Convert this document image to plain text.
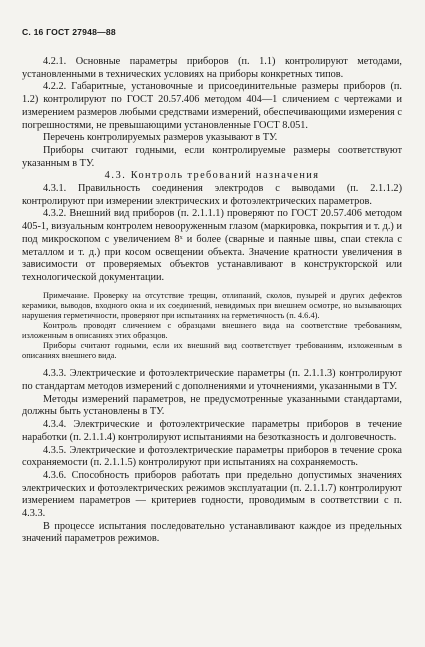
С. 16 ГОСТ 27948—88

4.2.1. Основные параметры приборов (п. 1.1) контролируют методами, установленными в технических условиях на приборы конкретных типов.

4.2.2. Габаритные, установочные и присоединительные размеры приборов (п. 1.2) контролируют по ГОСТ 20.57.406 методом 404—1 сличением с чертежами и измерением размеров любыми средствами измерений, обеспечивающими измерения с погрешностями, не превышающими установленные ГОСТ 8.051.

Перечень контролируемых размеров указывают в ТУ.

Приборы считают годными, если контролируемые размеры соответствуют указанным в ТУ.

4.3. Контроль требований назначения

4.3.1. Правильность соединения электродов с выводами (п. 2.1.1.2) контролируют при измерении электрических и фотоэлектрических параметров.

4.3.2. Внешний вид приборов (п. 2.1.1.1) проверяют по ГОСТ 20.57.406 методом 405-1, визуальным контролем невооруженным глазом (маркировка, покрытия и т. д.) и под микроскопом с увеличением 8ˣ и более (сварные и паяные швы, спаи стекла с металлом и т. д.) при косом освещении объекта. Значение кратности увеличения в зависимости от проверяемых объектов устанавливают в конструкторской или технологической документации.

Примечание. Проверку на отсутствие трещин, отлипаний, сколов, пузырей и других дефектов керамики, выводов, входного окна и их соединений, невидимых при внешнем осмотре, но вызывающих нарушения герметичности, проверяют при испытаниях на герметичность (п. 4.6.4).

Контроль проводят сличением с образцами внешнего вида на соответствие требованиям, изложенным в описаниях этих образцов.

Приборы считают годными, если их внешний вид соответствует требованиям, изложенным в описаниях внешнего вида.

4.3.3. Электрические и фотоэлектрические параметры (п. 2.1.1.3) контролируют по стандартам методов измерений с дополнениями и уточнениями, указанными в ТУ.

Методы измерений параметров, не предусмотренные указанными стандартами, должны быть установлены в ТУ.

4.3.4. Электрические и фотоэлектрические параметры приборов в течение наработки (п. 2.1.1.4) контролируют испытаниями на безотказность и долговечность.

4.3.5. Электрические и фотоэлектрические параметры приборов в течение срока сохраняемости (п. 2.1.1.5) контролируют при испытаниях на сохраняемость.

4.3.6. Способность приборов работать при предельно допустимых значениях электрических и фотоэлектрических режимов эксплуатации (п. 2.1.1.7) контролируют измерением параметров — критериев годности, проводимым в соответствии с п. 4.3.3.

В процессе испытания последовательно устанавливают каждое из предельных значений параметров режимов.
